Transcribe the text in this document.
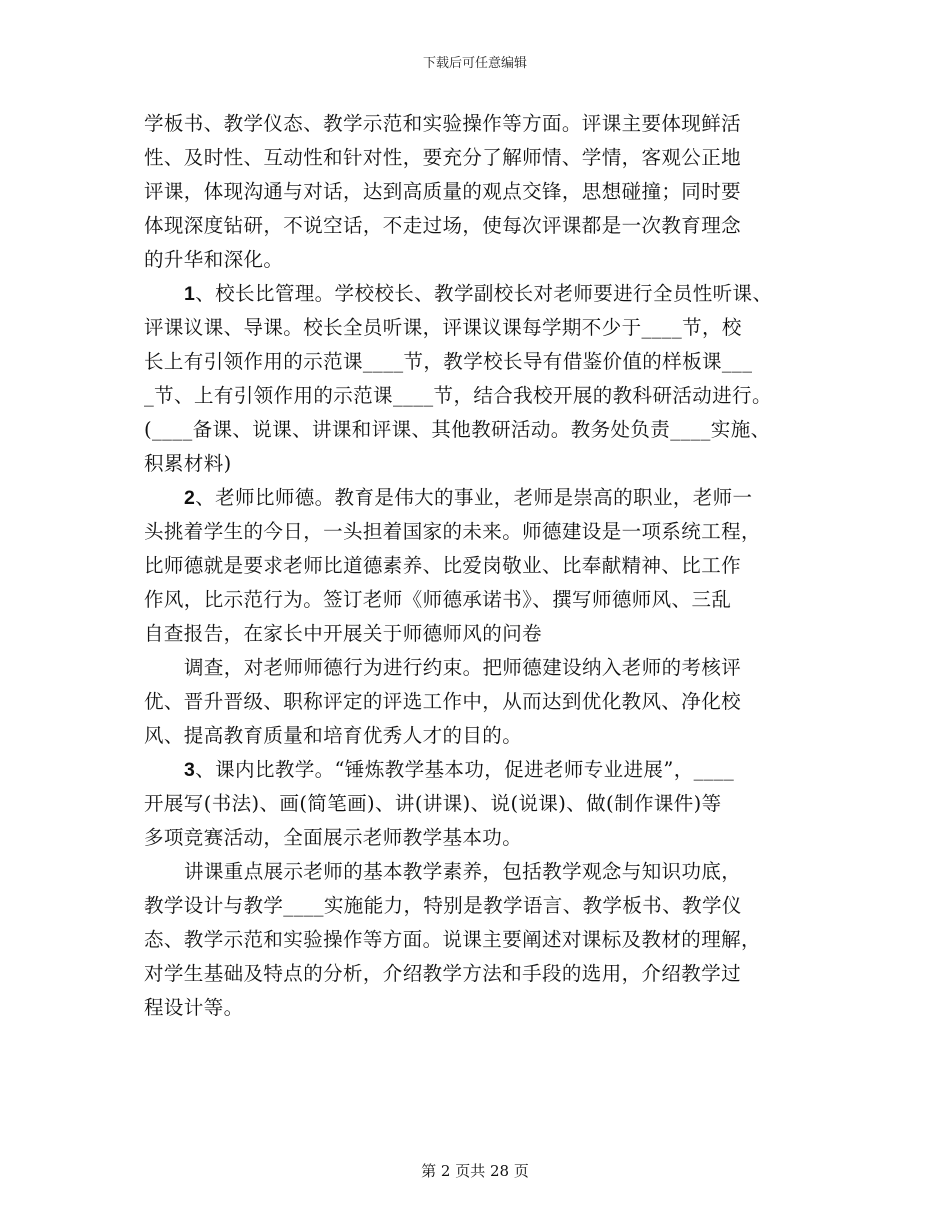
下载后可任意编辑

学板书、教学仪态、教学示范和实验操作等方面。评课主要体现鲜活
性、及时性、互动性和针对性，要充分了解师情、学情，客观公正地
评课，体现沟通与对话，达到高质量的观点交锋，思想碰撞；同时要
体现深度钻研，不说空话，不走过场，使每次评课都是一次教育理念
的升华和深化。

1、校长比管理。学校校长、教学副校长对老师要进行全员性听课、
评课议课、导课。校长全员听课，评课议课每学期不少于____节，校
长上有引领作用的示范课____节，教学校长导有借鉴价值的样板课___
_节、上有引领作用的示范课____节，结合我校开展的教科研活动进行。
(____备课、说课、讲课和评课、其他教研活动。教务处负责____实施、
积累材料)

2、老师比师德。教育是伟大的事业，老师是崇高的职业，老师一
头挑着学生的今日，一头担着国家的未来。师德建设是一项系统工程，
比师德就是要求老师比道德素养、比爱岗敬业、比奉献精神、比工作
作风，比示范行为。签订老师《师德承诺书》、撰写师德师风、三乱
自查报告，在家长中开展关于师德师风的问卷

调查，对老师师德行为进行约束。把师德建设纳入老师的考核评
优、晋升晋级、职称评定的评选工作中，从而达到优化教风、净化校
风、提高教育质量和培育优秀人才的目的。

3、课内比教学。“锤炼教学基本功，促进老师专业进展”，____
开展写(书法)、画(简笔画)、讲(讲课)、说(说课)、做(制作课件)等
多项竞赛活动，全面展示老师教学基本功。

讲课重点展示老师的基本教学素养，包括教学观念与知识功底，
教学设计与教学____实施能力，特别是教学语言、教学板书、教学仪
态、教学示范和实验操作等方面。说课主要阐述对课标及教材的理解，
对学生基础及特点的分析，介绍教学方法和手段的选用，介绍教学过
程设计等。

第 2 页共 28 页
